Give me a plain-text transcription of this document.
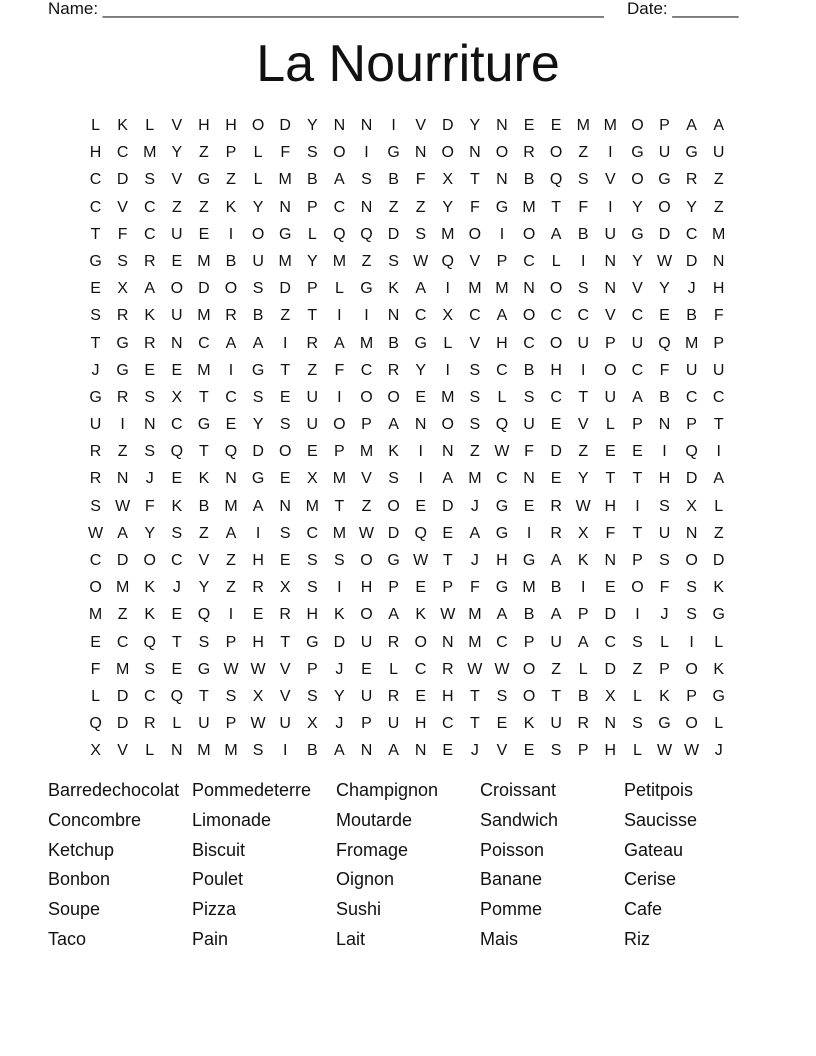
Name: _____________________________________________________ Date: _______
La Nourriture
L	K	L	V H H O D Y N N	I	V D Y N E	E M M O P	A	A
H C M Y	Z	P	L	F	S O	I	G N O N O R O Z	I	G U G U
C D S	V G Z	L M B	A	S	B	F	X	T	N B Q S	V O G R	Z
C V C	Z	Z	K	Y N P C N	Z	Z	Y	F G M T	F	I	Y O Y	Z
T	F	C U E	I	O G	L	Q Q D S M O	I	O A	B U G D C M
G S R E M B U M Y M Z	S W Q V	P C	L	I	N Y W D N
E	X	A O D O S D P	L	G K	A	I	M M N O S N V	Y	J	H
S R K U M R B	Z	T	I	I	N C X C A O C C V C E	B	F
T G R N C A	A	I	R A M B G	L	V H C O U P U Q M P
J	G E	E M	I	G T	Z	F	C R Y	I	S C B H	I	O C	F	U U
G R S	X	T	C S	E U	I	O O E M S	L	S C	T	U A	B C C
U	I	N C G E	Y	S U O P	A N O S Q U E	V	L	P N P	T
R	Z	S Q T Q D O E	P M K	I	N	Z W F	D	Z	E	E	I	Q	I
R N	J	E	K N G E	X M V	S	I	A M C N E	Y	T	T	H D A
S W F	K	B M A N M T	Z O E D	J	G E R W H	I	S	X	L
W A	Y	S	Z	A	I	S C M W D Q E	A G	I	R X	F	T	U N	Z
C D O C V	Z	H E	S	S O G W T	J	H G A	K N P	S O D
O M K	J	Y	Z	R X	S	I	H P	E	P	F G M B	I	E O F	S	K
M Z	K	E Q	I	E R H K O A	K W M A	B	A	P D	I	J	S G
E C Q T	S	P H	T G D U R O N M C P U A C S	L	I	L
F M S	E G W W V	P	J	E	L	C R W W O Z	L	D	Z	P O K
L	D C Q T	S	X	V	S	Y U R E H	T	S O T	B	X	L	K	P G
Q D R	L	U P W U X	J	P U H C	T	E	K U R N S G O	L
X	V	L	N M M S	I	B	A N A N E	J	V	E	S	P H	L W W J
Barredechocolat Pommedeterre	Champignon	Croissant	Petitpois
Concombre	Limonade	Moutarde	Sandwich	Saucisse
Ketchup	Biscuit	Fromage	Poisson	Gateau
Bonbon	Poulet	Oignon	Banane	Cerise
Soupe	Pizza	Sushi	Pomme	Cafe
Taco	Pain	Lait	Mais	Riz
